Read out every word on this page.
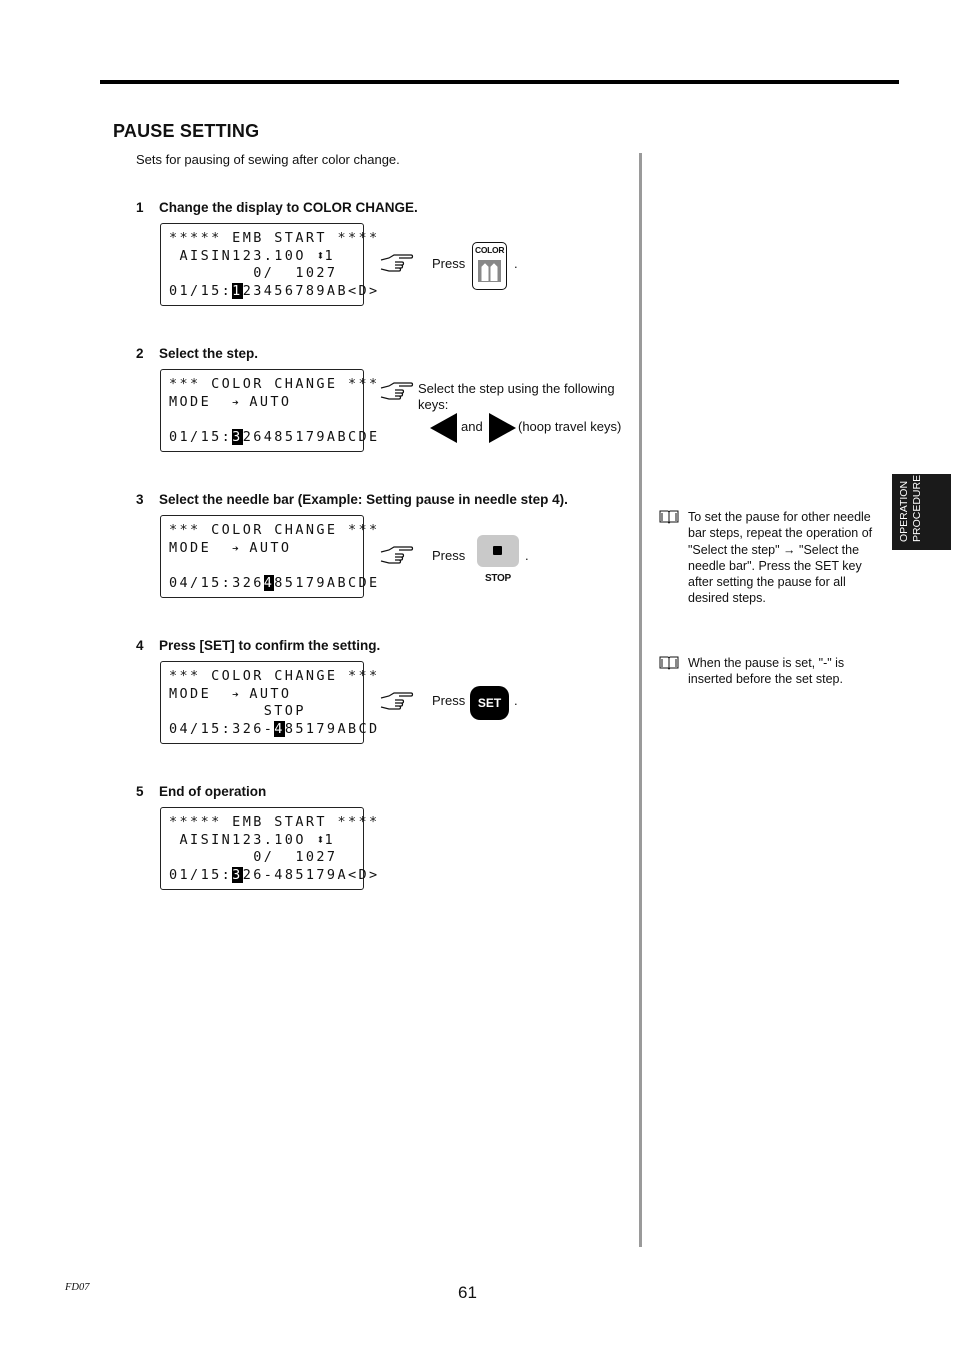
PAUSE SETTING
Sets for pausing of sewing after color change.
1 Change the display to COLOR CHANGE.
***** EMB START ****
AISIN123.10O ⬍1
0/  1027
01/15:123456789AB<D>
Press
COLOR
.
2 Select the step.
*** COLOR CHANGE ***
MODE  ➔ AUTO
01/15:326485179ABCDE
Select the step using the following keys:
and	(hoop travel keys)
3 Select the needle bar (Example: Setting pause in needle step 4).
*** COLOR CHANGE ***
MODE  ➔ AUTO
04/15:326485179ABCDE
Press
STOP
.
4 Press [SET] to confirm the setting.
*** COLOR CHANGE ***
MODE  ➔ AUTO
STOP
04/15:326-485179ABCD
Press	SET .
5 End of operation
***** EMB START ****
AISIN123.10O ⬍1
0/  1027
01/15:326-485179A<D>
To set the pause for other needle bar steps, repeat the operation of "Select the step" → "Select the needle bar". Press the SET key after setting the pause for all desired steps.
When the pause is set, "-" is inserted before the set step.
OPERATION PROCEDURE
FD07	61
